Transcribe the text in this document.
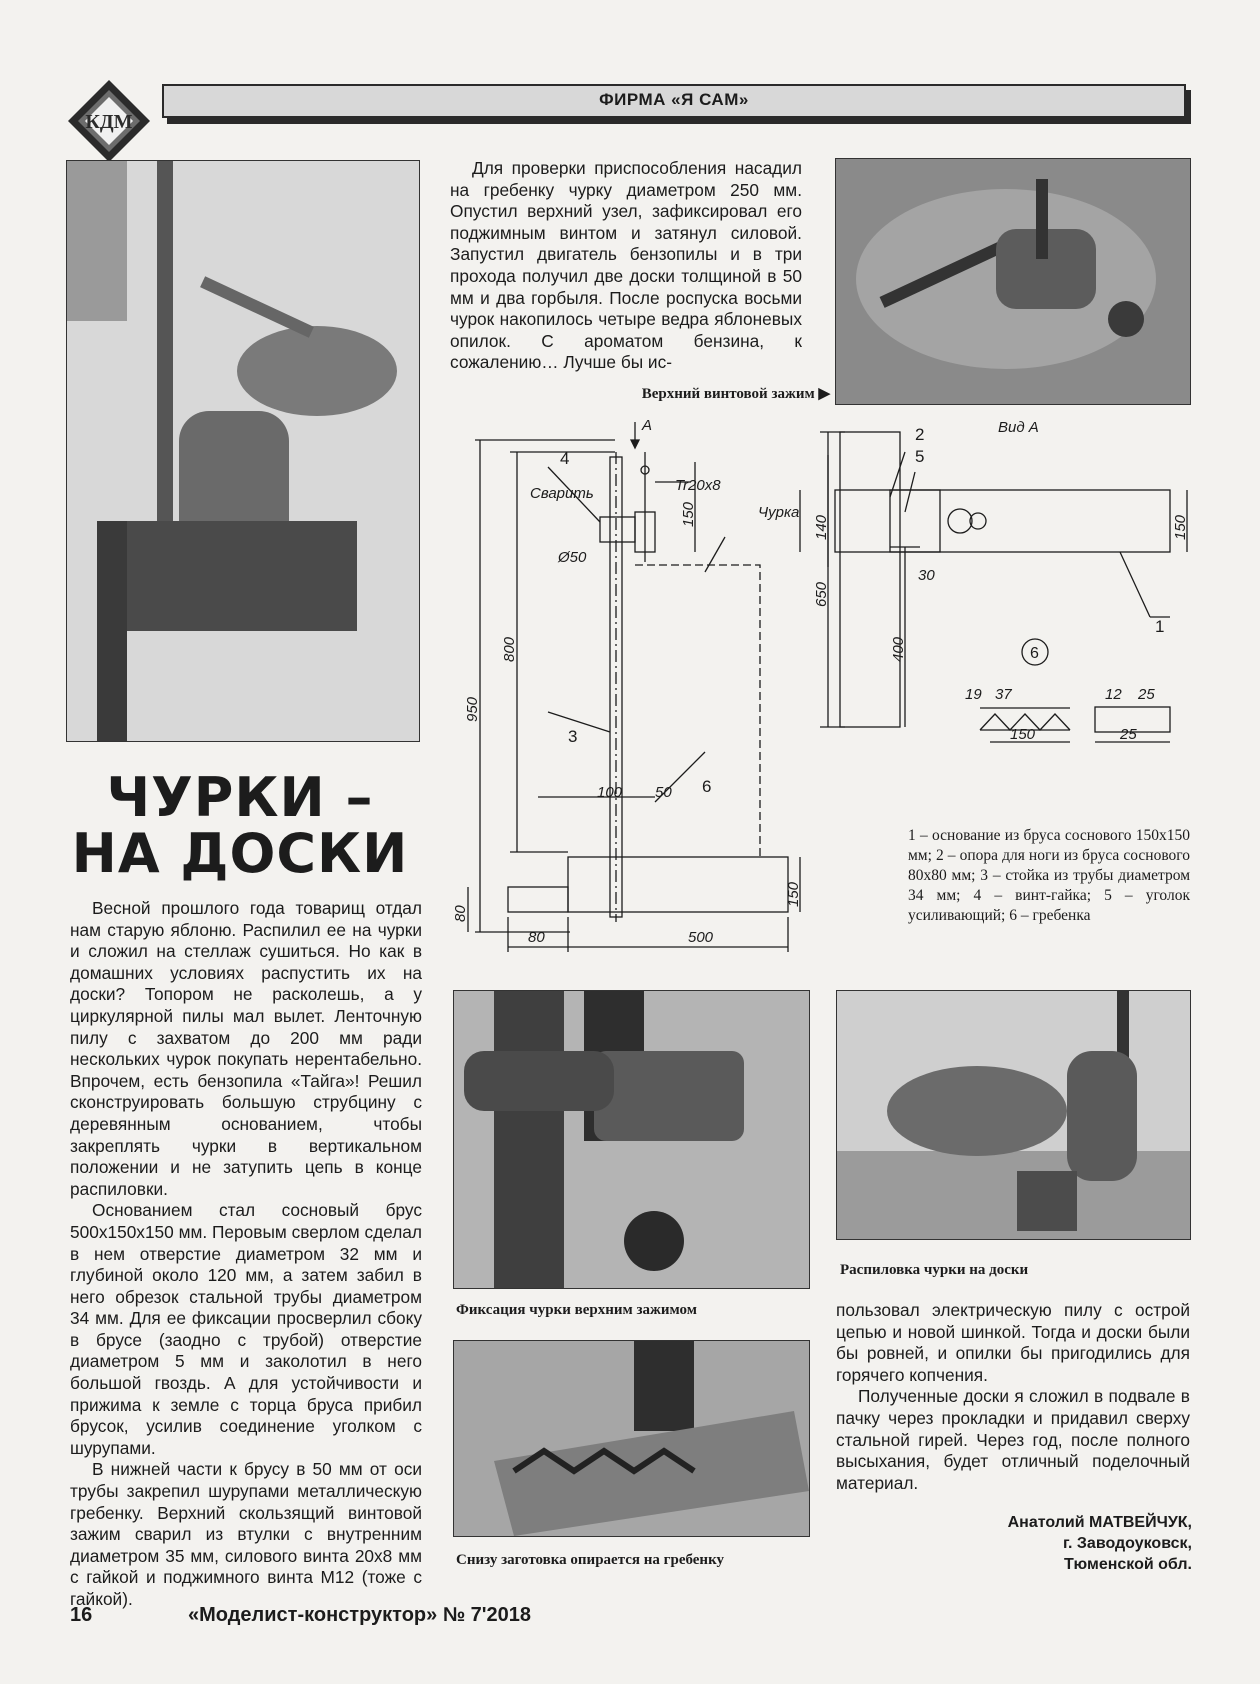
КДМ
ФИРМА «Я САМ»
ЧУРКИ –
НА ДОСКИ

Весной прошлого года товарищ отдал нам старую яблоню. Распилил ее на чурки и сложил на стеллаж сушиться. Но как в домашних условиях распустить их на доски? Топором не расколешь, а у циркулярной пилы мал вылет. Ленточную пилу с захватом до 200 мм ради нескольких чурок покупать нерентабельно. Впрочем, есть бензопила «Тайга»! Решил сконструировать большую струбцину с деревянным основанием, чтобы закреплять чурки в вертикальном положении и не затупить цепь в конце распиловки.

Основанием стал сосновый брус 500x150x150 мм. Перовым сверлом сделал в нем отверстие диаметром 32 мм и глубиной около 120 мм, а затем забил в него обрезок стальной трубы диаметром 34 мм. Для ее фиксации просверлил сбоку в брусе (заодно с трубой) отверстие диаметром 5 мм и заколотил в него большой гвоздь. А для устойчивости и прижима к земле с торца бруса прибил брусок, усилив соединение уголком с шурупами.

В нижней части к брусу в 50 мм от оси трубы закрепил шурупами металлическую гребенку. Верхний скользящий винтовой зажим сварил из втулки с внутренним диаметром 35 мм, силового винта 20x8 мм с гайкой и поджимного винта М12 (тоже с гайкой).

Для проверки приспособления насадил на гребенку чурку диаметром 250 мм. Опустил верхний узел, зафиксировал его поджимным винтом и затянул силовой. Запустил двигатель бензопилы и в три прохода получил две доски толщиной в 50 мм и два горбыля. После роспуска восьми чурок накопилось четыре ведра яблоневых опилок. С ароматом бензина, к сожалению… Лучше бы ис-

Верхний винтовой зажим ▶
Вид А
А
Сварить	Tr20x8
Чурка
Ø50
4
3
6
2
5
1
6
100 50
80	500
30
19 37
150
12 25
25
950
800
80
150
150
140
650
400
150
1 – основание из бруса соснового 150x150 мм; 2 – опора для ноги из бруса соснового 80x80 мм; 3 – стойка из трубы диаметром 34 мм; 4 – винт-гайка; 5 – уголок усиливающий; 6 – гребенка
Фиксация чурки верхним зажимом
Снизу заготовка опирается на гребенку
Распиловка чурки на доски

пользовал электрическую пилу с острой цепью и новой шинкой. Тогда и доски были бы ровней, и опилки бы пригодились для горячего копчения.

Полученные доски я сложил в подвале в пачку через прокладки и придавил сверху стальной гирей. Через год, после полного высыхания, будет отличный поделочный материал.

Анатолий МАТВЕЙЧУК,
г. Заводоуковск,
Тюменской обл.
16	«Моделист-конструктор» № 7'2018
